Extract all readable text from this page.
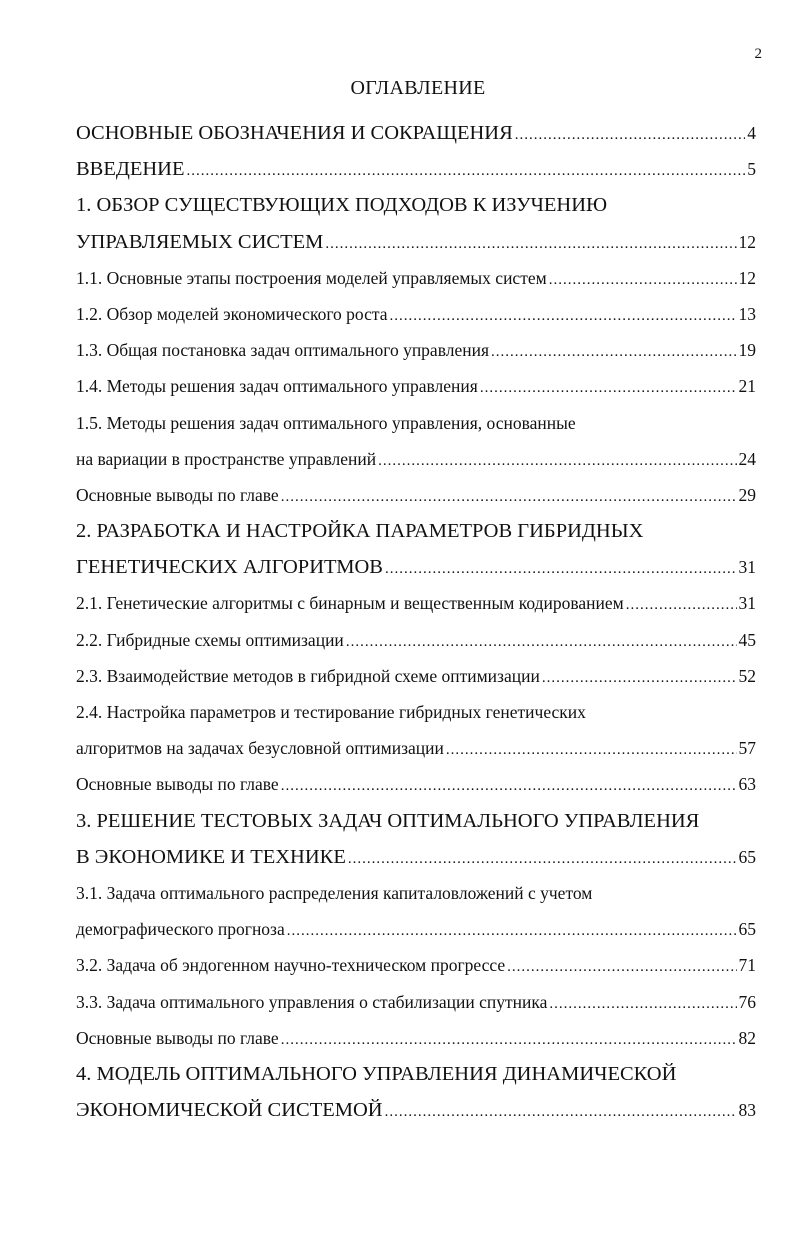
2
ОГЛАВЛЕНИЕ
ОСНОВНЫЕ ОБОЗНАЧЕНИЯ И СОКРАЩЕНИЯ .....	4
ВВЕДЕНИЕ .....	5
1. ОБЗОР СУЩЕСТВУЮЩИХ ПОДХОДОВ К ИЗУЧЕНИЮ
УПРАВЛЯЕМЫХ СИСТЕМ .....	12
1.1. Основные этапы построения моделей управляемых систем .....	12
1.2. Обзор моделей экономического роста .....	13
1.3. Общая постановка задач оптимального управления .....	19
1.4. Методы решения задач оптимального управления .....	21
1.5. Методы решения задач оптимального управления, основанные
на вариации в пространстве управлений .....	24
Основные выводы по главе .....	29
2. РАЗРАБОТКА И НАСТРОЙКА ПАРАМЕТРОВ ГИБРИДНЫХ
ГЕНЕТИЧЕСКИХ АЛГОРИТМОВ .....	31
2.1. Генетические алгоритмы с бинарным и вещественным кодированием .....	31
2.2. Гибридные схемы оптимизации .....	45
2.3. Взаимодействие методов в гибридной схеме оптимизации .....	52
2.4. Настройка параметров и тестирование гибридных генетических
алгоритмов на задачах безусловной оптимизации .....	57
Основные выводы по главе .....	63
3. РЕШЕНИЕ ТЕСТОВЫХ ЗАДАЧ ОПТИМАЛЬНОГО УПРАВЛЕНИЯ
В ЭКОНОМИКЕ И ТЕХНИКЕ .....	65
3.1. Задача оптимального распределения капиталовложений с учетом
демографического прогноза .....	65
3.2. Задача об эндогенном научно-техническом прогрессе .....	71
3.3. Задача оптимального управления о стабилизации спутника .....	76
Основные выводы по главе .....	82
4. МОДЕЛЬ ОПТИМАЛЬНОГО УПРАВЛЕНИЯ ДИНАМИЧЕСКОЙ
ЭКОНОМИЧЕСКОЙ СИСТЕМОЙ .....	83
